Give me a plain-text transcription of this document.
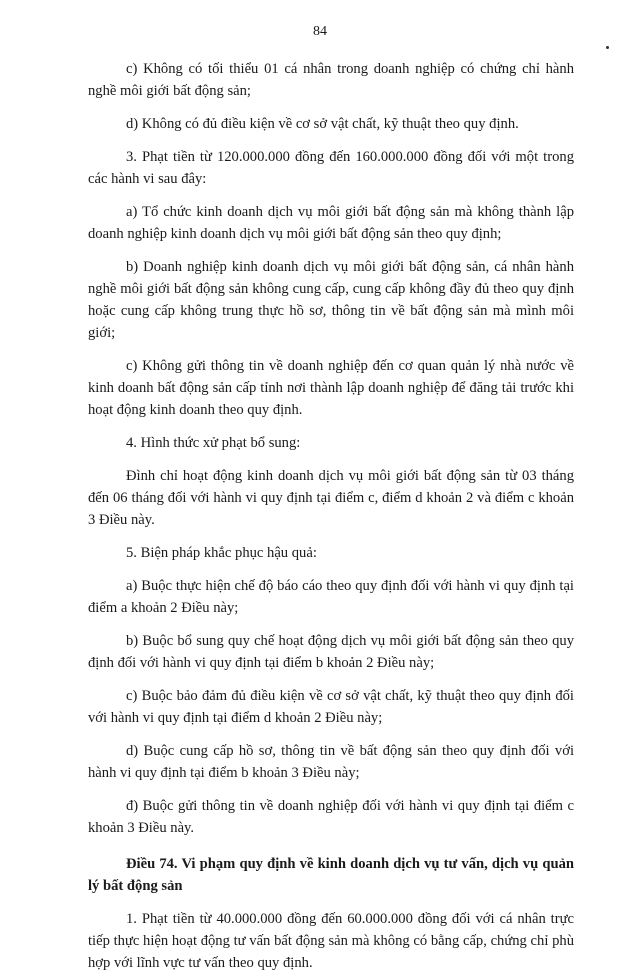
84

c) Không có tối thiểu 01 cá nhân trong doanh nghiệp có chứng chỉ hành nghề môi giới bất động sản;

d) Không có đủ điều kiện về cơ sở vật chất, kỹ thuật theo quy định.

3. Phạt tiền từ 120.000.000 đồng đến 160.000.000 đồng đối với một trong các hành vi sau đây:

a) Tổ chức kinh doanh dịch vụ môi giới bất động sản mà không thành lập doanh nghiệp kinh doanh dịch vụ môi giới bất động sản theo quy định;

b) Doanh nghiệp kinh doanh dịch vụ môi giới bất động sản, cá nhân hành nghề môi giới bất động sản không cung cấp, cung cấp không đầy đủ theo quy định hoặc cung cấp không trung thực hồ sơ, thông tin về bất động sản mà mình môi giới;

c) Không gửi thông tin về doanh nghiệp đến cơ quan quản lý nhà nước về kinh doanh bất động sản cấp tỉnh nơi thành lập doanh nghiệp để đăng tải trước khi hoạt động kinh doanh theo quy định.

4. Hình thức xử phạt bổ sung:

Đình chỉ hoạt động kinh doanh dịch vụ môi giới bất động sản từ 03 tháng đến 06 tháng đối với hành vi quy định tại điểm c, điểm d khoản 2 và điểm c khoản 3 Điều này.

5. Biện pháp khắc phục hậu quả:

a) Buộc thực hiện chế độ báo cáo theo quy định đối với hành vi quy định tại điểm a khoản 2 Điều này;

b) Buộc bổ sung quy chế hoạt động dịch vụ môi giới bất động sản theo quy định đối với hành vi quy định tại điểm b khoản 2 Điều này;

c) Buộc bảo đảm đủ điều kiện về cơ sở vật chất, kỹ thuật theo quy định đối với hành vi quy định tại điểm d khoản 2 Điều này;

d) Buộc cung cấp hồ sơ, thông tin về bất động sản theo quy định đối với hành vi quy định tại điểm b khoản 3 Điều này;

đ) Buộc gửi thông tin về doanh nghiệp đối với hành vi quy định tại điểm c khoản 3 Điều này.

Điều 74. Vi phạm quy định về kinh doanh dịch vụ tư vấn, dịch vụ quản lý bất động sản

1. Phạt tiền từ 40.000.000 đồng đến 60.000.000 đồng đối với cá nhân trực tiếp thực hiện hoạt động tư vấn bất động sản mà không có bằng cấp, chứng chỉ phù hợp với lĩnh vực tư vấn theo quy định.
